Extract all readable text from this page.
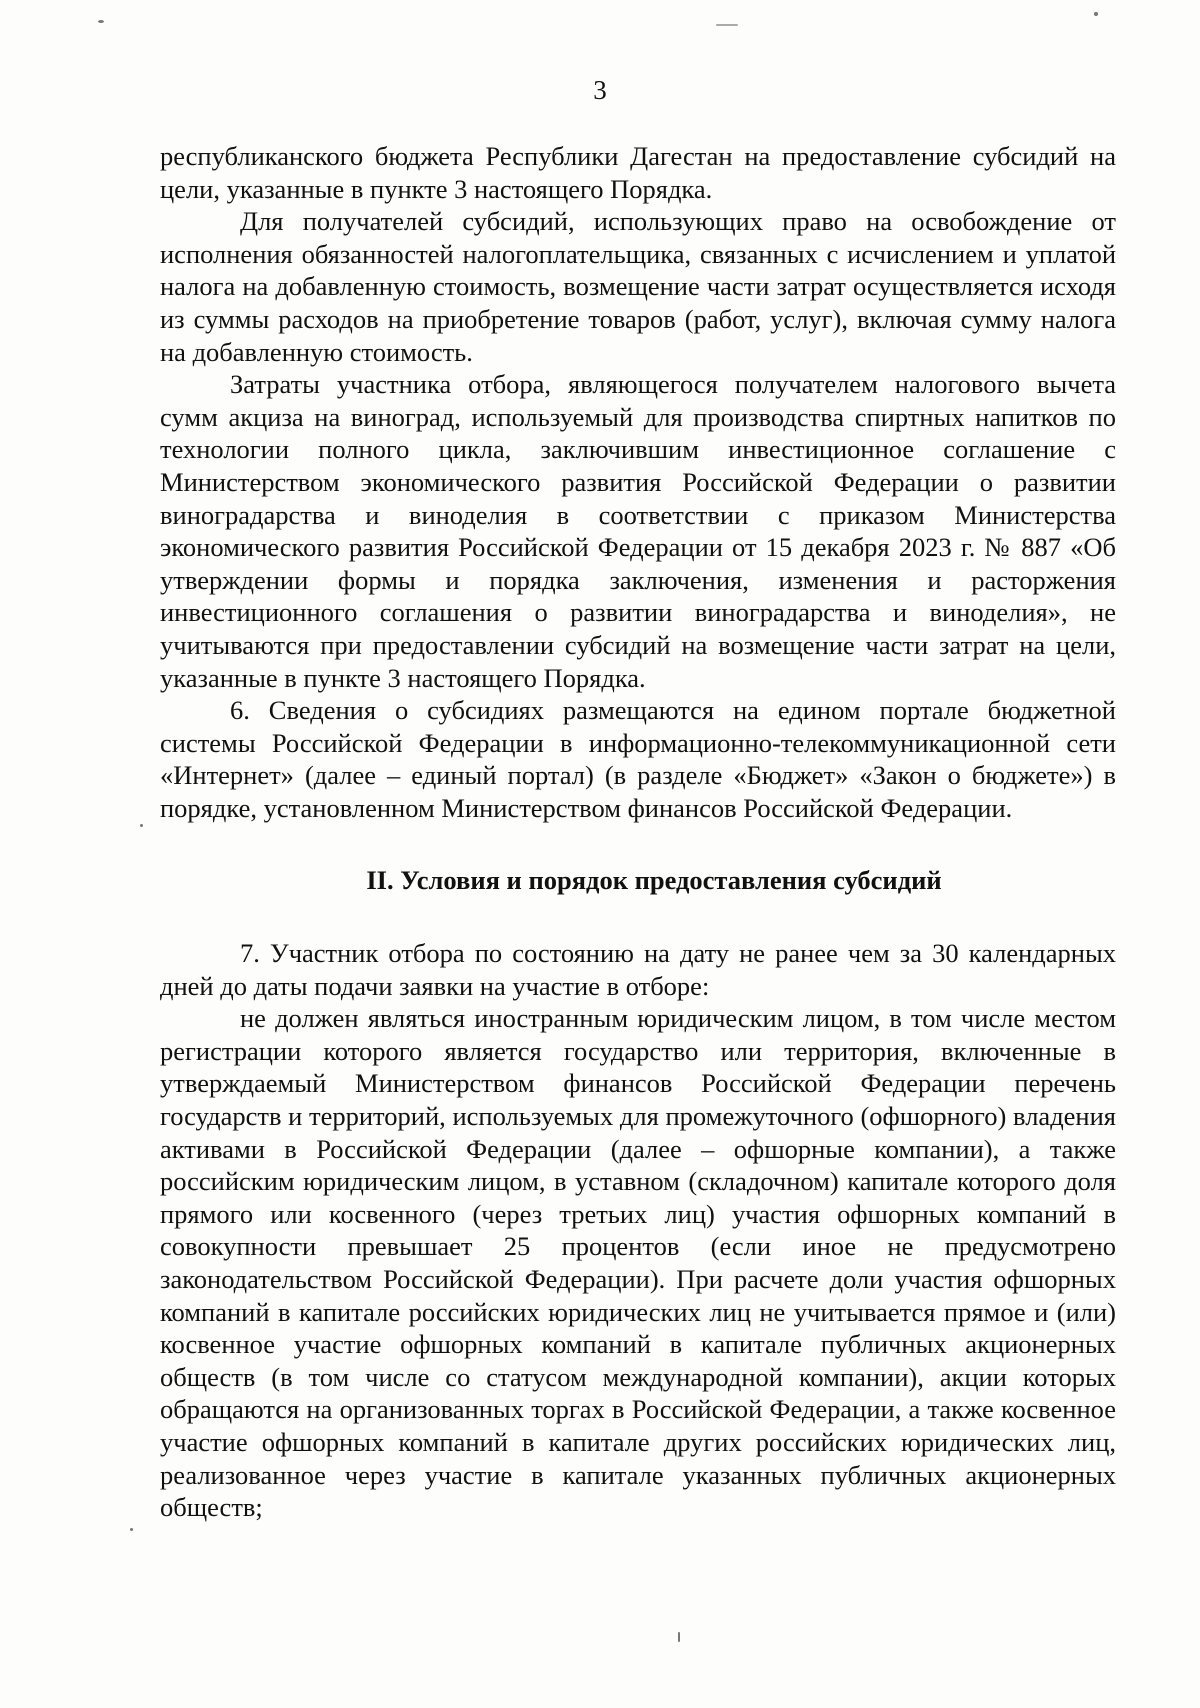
3

республиканского бюджета Республики Дагестан на предоставление субсидий на цели, указанные в пункте 3 настоящего Порядка.

Для получателей субсидий, использующих право на освобождение от исполнения обязанностей налогоплательщика, связанных с исчислением и уплатой налога на добавленную стоимость, возмещение части затрат осуществляется исходя из суммы расходов на приобретение товаров (работ, услуг), включая сумму налога на добавленную стоимость.

Затраты участника отбора, являющегося получателем налогового вычета сумм акциза на виноград, используемый для производства спиртных напитков по технологии полного цикла, заключившим инвестиционное соглашение с Министерством экономического развития Российской Федерации о развитии виноградарства и виноделия в соответствии с приказом Министерства экономического развития Российской Федерации от 15 декабря 2023 г. № 887 «Об утверждении формы и порядка заключения, изменения и расторжения инвестиционного соглашения о развитии виноградарства и виноделия», не учитываются при предоставлении субсидий на возмещение части затрат на цели, указанные в пункте 3 настоящего Порядка.

6. Сведения о субсидиях размещаются на едином портале бюджетной системы Российской Федерации в информационно-телекоммуникационной сети «Интернет» (далее – единый портал) (в разделе «Бюджет» «Закон о бюджете») в порядке, установленном Министерством финансов Российской Федерации.

II. Условия и порядок предоставления субсидий

7. Участник отбора по состоянию на дату не ранее чем за 30 календарных дней до даты подачи заявки на участие в отборе:

не должен являться иностранным юридическим лицом, в том числе местом регистрации которого является государство или территория, включенные в утверждаемый Министерством финансов Российской Федерации перечень государств и территорий, используемых для промежуточного (офшорного) владения активами в Российской Федерации (далее – офшорные компании), а также российским юридическим лицом, в уставном (складочном) капитале которого доля прямого или косвенного (через третьих лиц) участия офшорных компаний в совокупности превышает 25 процентов (если иное не предусмотрено законодательством Российской Федерации). При расчете доли участия офшорных компаний в капитале российских юридических лиц не учитывается прямое и (или) косвенное участие офшорных компаний в капитале публичных акционерных обществ (в том числе со статусом международной компании), акции которых обращаются на организованных торгах в Российской Федерации, а также косвенное участие офшорных компаний в капитале других российских юридических лиц, реализованное через участие в капитале указанных публичных акционерных обществ;
